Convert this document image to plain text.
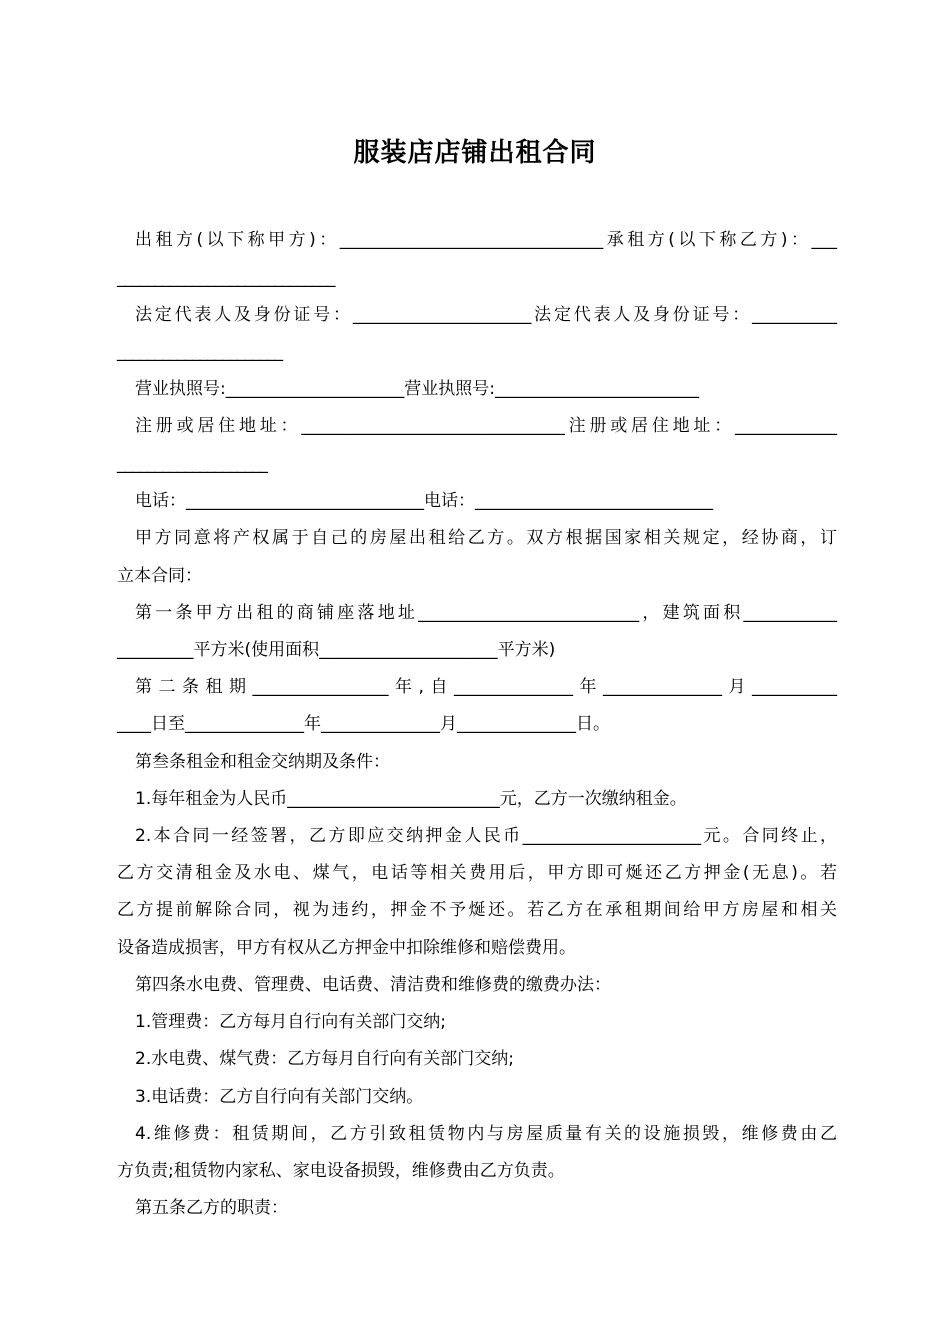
服装店店铺出租合同
出租方(以下称甲方)：_______________________________承租方(以下称乙方)：___
_____________________________
法定代表人及身份证号：_____________________法定代表人及身份证号：__________
______________________
营业执照号:_____________________营业执照号:________________________
注册或居住地址：_______________________________注册或居住地址：____________
____________________
电话：____________________________电话：____________________________
甲方同意将产权属于自己的房屋出租给乙方。双方根据国家相关规定，经协商，订
立本合同：
第一条甲方出租的商铺座落地址__________________________，建筑面积___________
_________平方米(使用面积_____________________平方米)
第二条租期________________年,自______________年______________月__________
____日至______________年______________月______________日。
第叁条租金和租金交纳期及条件：
1.每年租金为人民币_________________________元，乙方一次缴纳租金。
2.本合同一经签署，乙方即应交纳押金人民币_____________________元。合同终止，
乙方交清租金及水电、煤气，电话等相关费用后，甲方即可烻还乙方押金(无息)。若
乙方提前解除合同，视为违约，押金不予烻还。若乙方在承租期间给甲方房屋和相关
设备造成损害，甲方有权从乙方押金中扣除维修和赔偿费用。
第四条水电费、管理费、电话费、清洁费和维修费的缴费办法：
1.管理费：乙方每月自行向有关部门交纳;
2.水电费、煤气费：乙方每月自行向有关部门交纳;
3.电话费：乙方自行向有关部门交纳。
4.维修费：租赁期间，乙方引致租赁物内与房屋质量有关的设施损毁，维修费由乙
方负责;租赁物内家私、家电设备损毁，维修费由乙方负责。
第五条乙方的职责：
